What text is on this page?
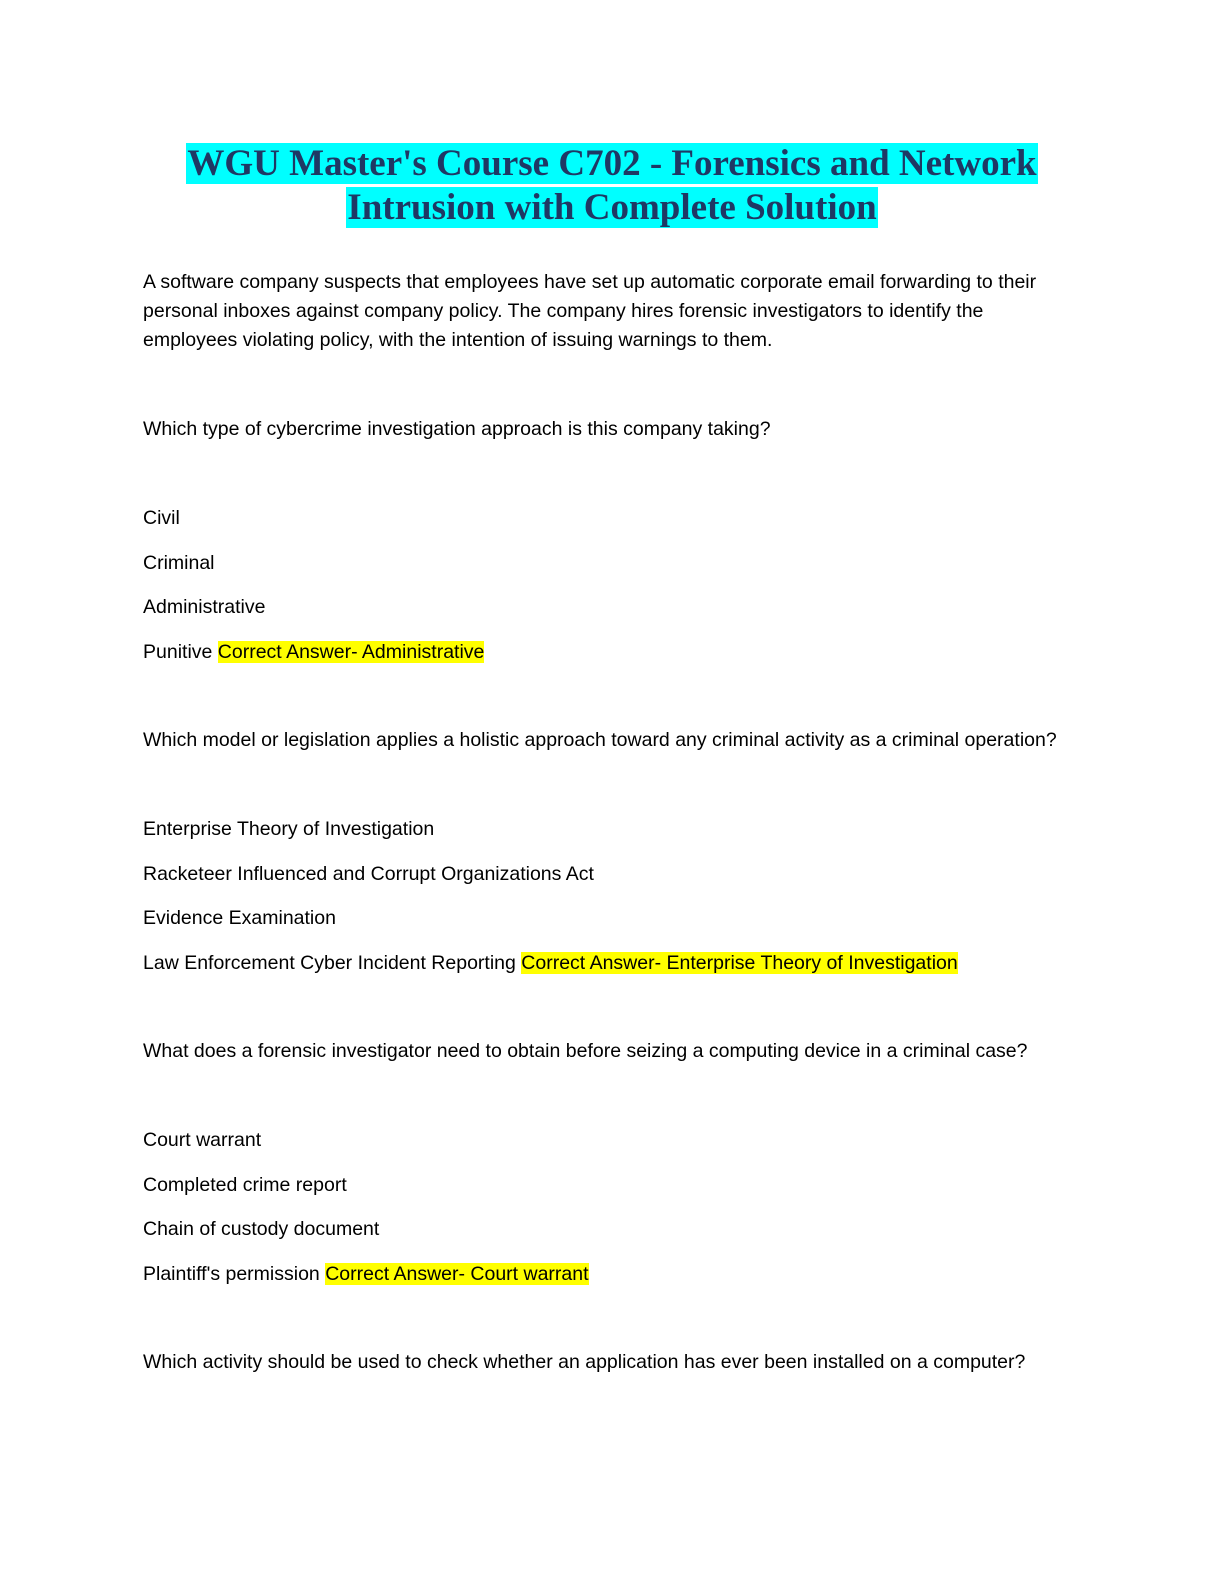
WGU Master's Course C702 - Forensics and Network
Intrusion with Complete Solution

A software company suspects that employees have set up automatic corporate email forwarding to their personal inboxes against company policy. The company hires forensic investigators to identify the employees violating policy, with the intention of issuing warnings to them.

Which type of cybercrime investigation approach is this company taking?

Civil
Criminal
Administrative
Punitive Correct Answer- Administrative

Which model or legislation applies a holistic approach toward any criminal activity as a criminal operation?

Enterprise Theory of Investigation
Racketeer Influenced and Corrupt Organizations Act
Evidence Examination
Law Enforcement Cyber Incident Reporting Correct Answer- Enterprise Theory of Investigation

What does a forensic investigator need to obtain before seizing a computing device in a criminal case?

Court warrant
Completed crime report
Chain of custody document
Plaintiff's permission Correct Answer- Court warrant

Which activity should be used to check whether an application has ever been installed on a computer?
